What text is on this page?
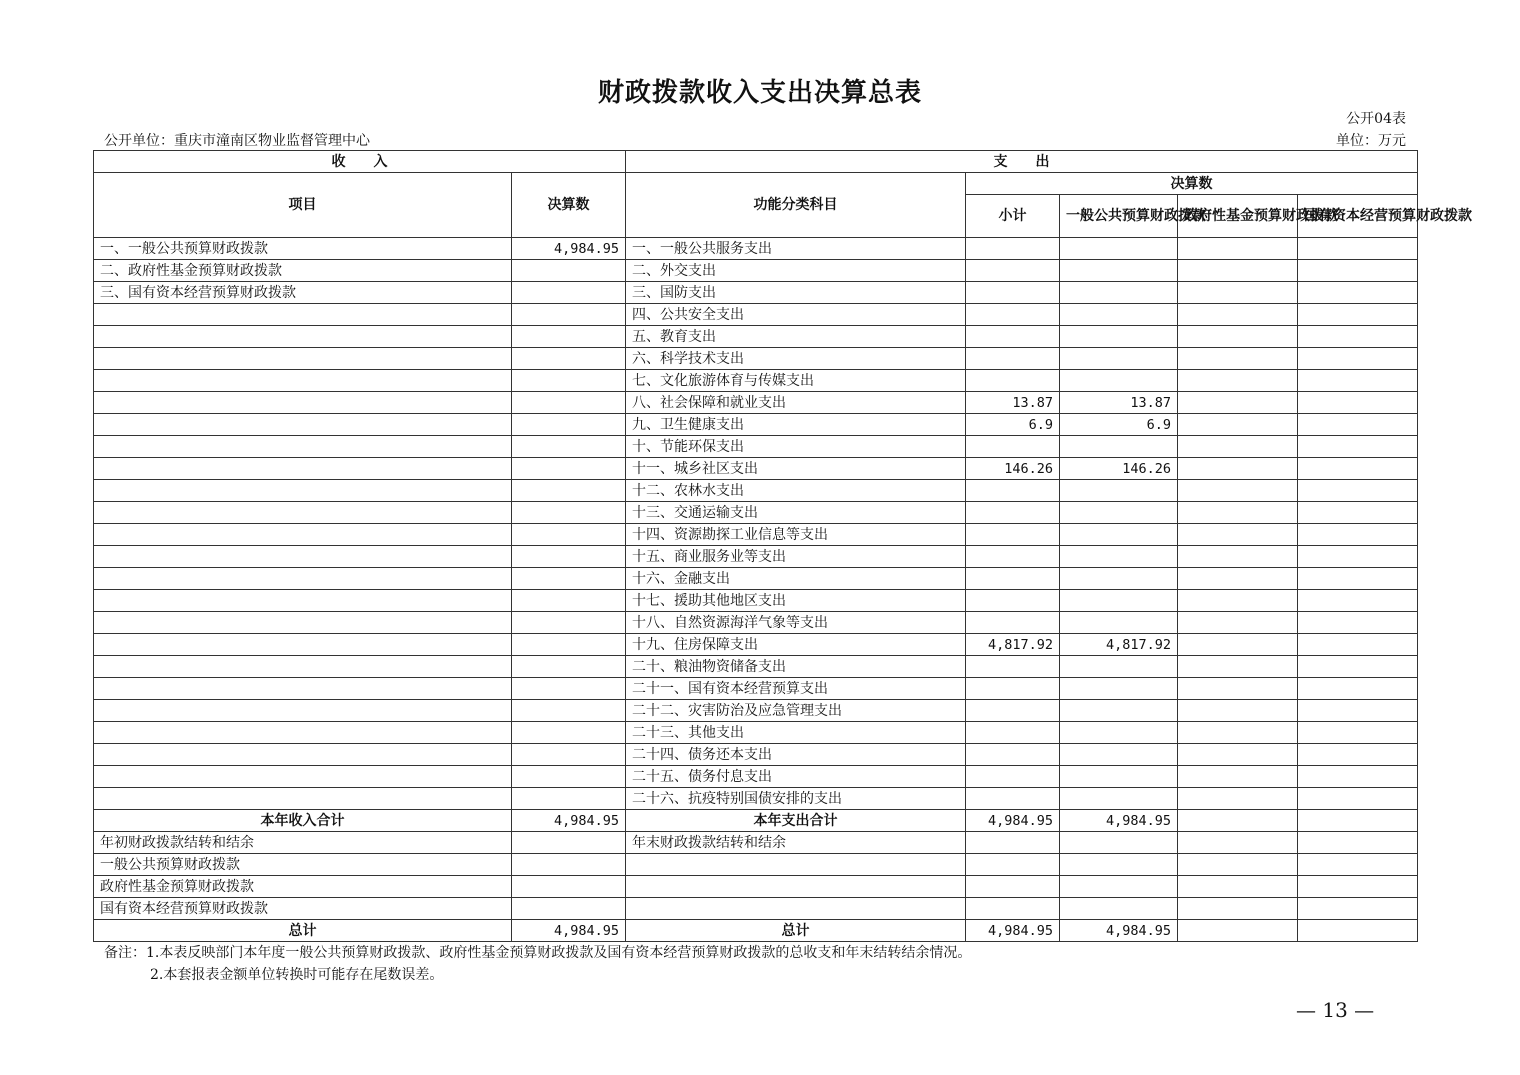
财政拨款收入支出决算总表
公开04表
公开单位：重庆市潼南区物业监督管理中心	单位：万元
收　　入		支　　出				
项目	决算数	功能分类科目	决算数			
			小计	一般公共预算财政拨款	政府性基金预算财政拨款	国有资本经营预算财政拨款
一、一般公共预算财政拨款	4,984.95	一、一般公共服务支出				
二、政府性基金预算财政拨款		二、外交支出				
三、国有资本经营预算财政拨款		三、国防支出				
		四、公共安全支出				
		五、教育支出				
		六、科学技术支出				
		七、文化旅游体育与传媒支出				
		八、社会保障和就业支出	13.87	13.87		
		九、卫生健康支出	6.9	6.9		
		十、节能环保支出				
		十一、城乡社区支出	146.26	146.26		
		十二、农林水支出				
		十三、交通运输支出				
		十四、资源勘探工业信息等支出				
		十五、商业服务业等支出				
		十六、金融支出				
		十七、援助其他地区支出				
		十八、自然资源海洋气象等支出				
		十九、住房保障支出	4,817.92	4,817.92		
		二十、粮油物资储备支出				
		二十一、国有资本经营预算支出				
		二十二、灾害防治及应急管理支出				
		二十三、其他支出				
		二十四、债务还本支出				
		二十五、债务付息支出				
		二十六、抗疫特别国债安排的支出				
本年收入合计	4,984.95	本年支出合计	4,984.95	4,984.95		
年初财政拨款结转和结余		年末财政拨款结转和结余				
一般公共预算财政拨款						
政府性基金预算财政拨款						
国有资本经营预算财政拨款						
总计	4,984.95	总计	4,984.95	4,984.95		
备注：1.本表反映部门本年度一般公共预算财政拨款、政府性基金预算财政拨款及国有资本经营预算财政拨款的总收支和年末结转结余情况。
2.本套报表金额单位转换时可能存在尾数误差。
— 13 —
